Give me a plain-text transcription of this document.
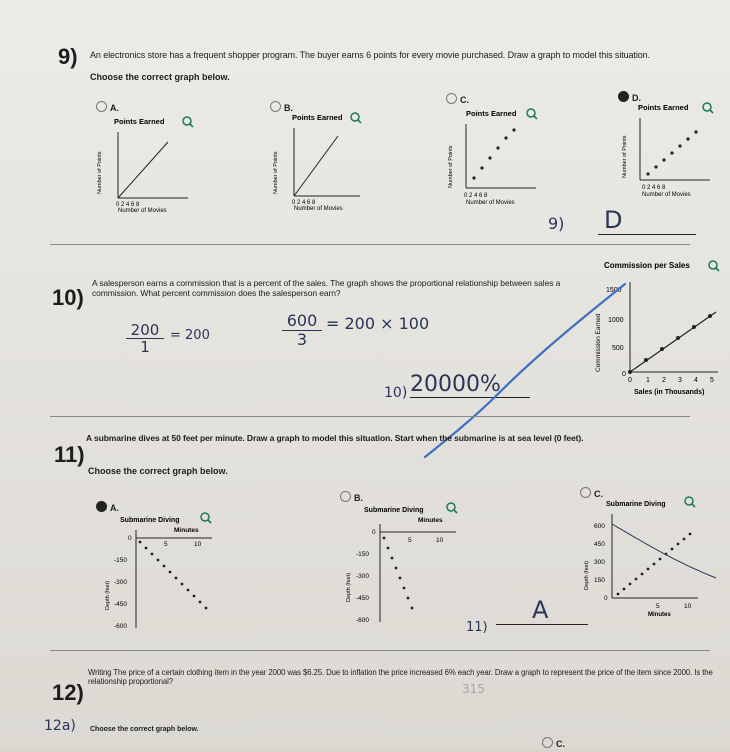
9) An electronics store has a frequent shopper program. The buyer earns 6 points for every movie purchased. Draw a graph to model this situation.
Choose the correct graph below.
A.	B.
C.	D.
Points Earned
Number of Points
Number of Movies
0 2 4 6 8
Points Earned
Number of Points
Number of Movies
0 2 4 6 8
Points Earned
Number of Points
Number of Movies
0 2 4 6 8
Points Earned
Number of Points
Number of Movies
0 2 4 6 8
9) D
10)
A salesperson earns a commission that is a percent of the sales. The graph shows the proportional relationship between sales a commission. What percent commission does the salesperson earn?
200
1
= 200
600
3
= 200 × 100
10) 20000%
Commission per Sales
1500
1000
500
0
0 1 2 3 4 5
Commission Earned
Sales (in Thousands)
11)
A submarine dives at 50 feet per minute. Draw a graph to model this situation. Start when the submarine is at sea level (0 feet).
Choose the correct graph below.
A.
B.	C.
Submarine Diving
Minutes
5	10
0
-150
-300
-450
-600
Depth (feet)
Submarine Diving
Minutes
5	10
0
-150
-300
-450
-600
Depth (feet)
Submarine Diving
600
450
300
150
0
5	10
Minutes
Depth (feet)
11)
A
12)
Writing The price of a certain clothing item in the year 2000 was $6.25. Due to inflation the price increased 6% each year. Draw a graph to represent the price of the item since 2000. Is the relationship proportional?
315
12a) Choose the correct graph below.
C.
